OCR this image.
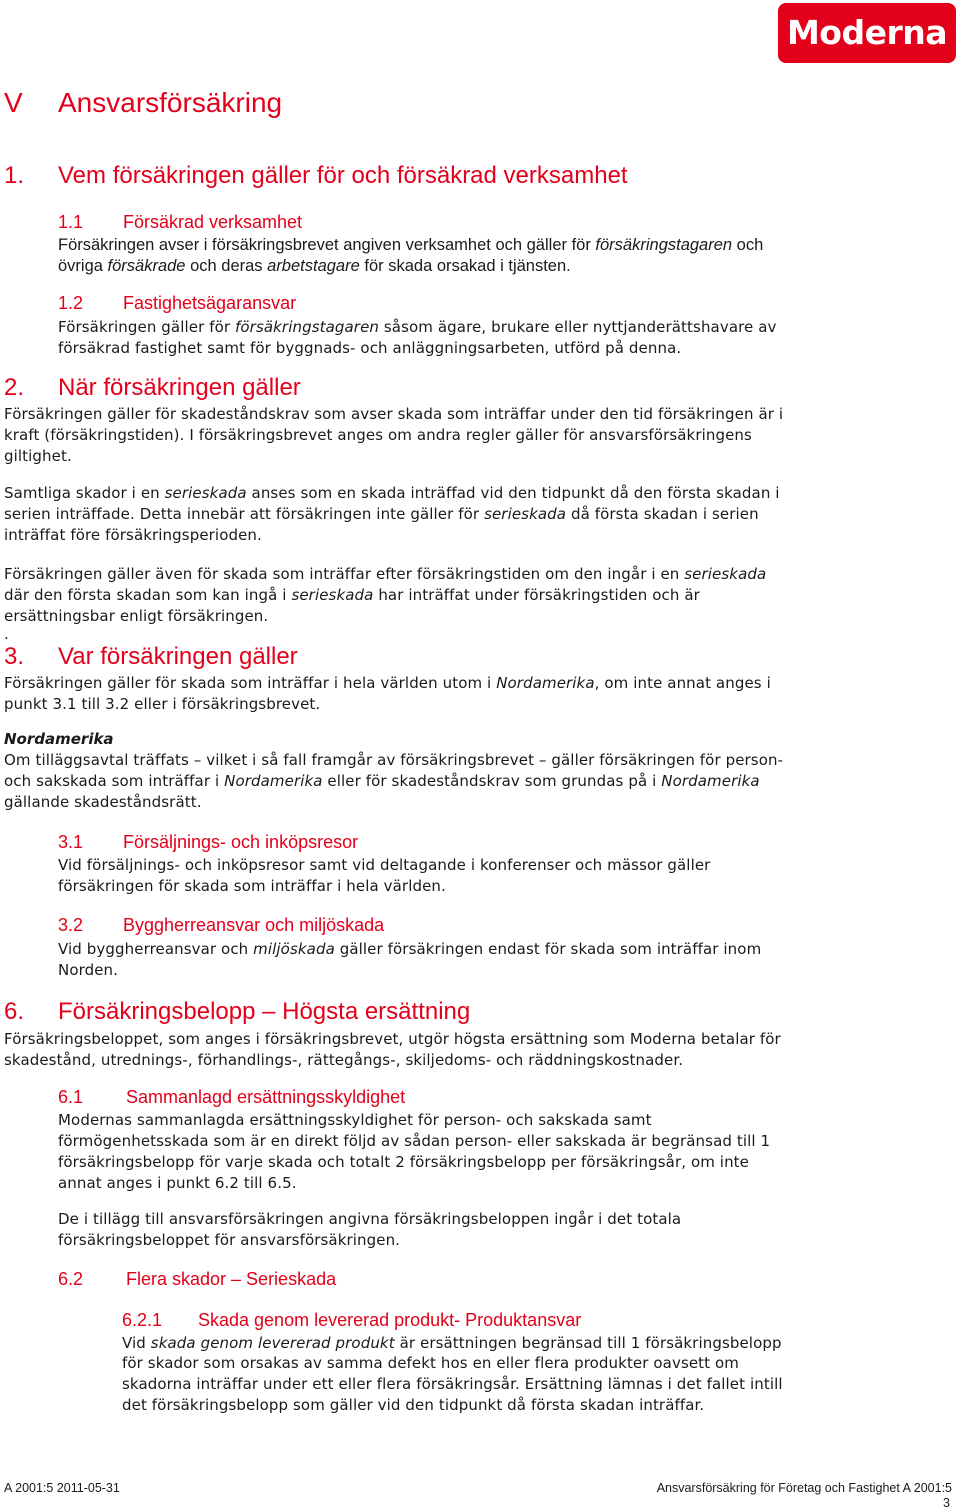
Moderna
V Ansvarsförsäkring
1. Vem försäkringen gäller för och försäkrad verksamhet
1.1 Försäkrad verksamhet
Försäkringen avser i försäkringsbrevet angiven verksamhet och gäller för försäkringstagaren och
övriga försäkrade och deras arbetstagare för skada orsakad i tjänsten.
1.2 Fastighetsägaransvar
Försäkringen gäller för försäkringstagaren såsom ägare, brukare eller nyttjanderättshavare av
försäkrad fastighet samt för byggnads- och anläggningsarbeten, utförd på denna.
2. När försäkringen gäller
Försäkringen gäller för skadeståndskrav som avser skada som inträffar under den tid försäkringen är i
kraft (försäkringstiden). I försäkringsbrevet anges om andra regler gäller för ansvarsförsäkringens
giltighet.
Samtliga skador i en serieskada anses som en skada inträffad vid den tidpunkt då den första skadan i
serien inträffade. Detta innebär att försäkringen inte gäller för serieskada då första skadan i serien
inträffat före försäkringsperioden.
Försäkringen gäller även för skada som inträffar efter försäkringstiden om den ingår i en serieskada
där den första skadan som kan ingå i serieskada har inträffat under försäkringstiden och är
ersättningsbar enligt försäkringen.
.
3. Var försäkringen gäller
Försäkringen gäller för skada som inträffar i hela världen utom i Nordamerika, om inte annat anges i
punkt 3.1 till 3.2 eller i försäkringsbrevet.
Nordamerika
Om tilläggsavtal träffats – vilket i så fall framgår av försäkringsbrevet – gäller försäkringen för person-
och sakskada som inträffar i Nordamerika eller för skadeståndskrav som grundas på i Nordamerika
gällande skadeståndsrätt.
3.1 Försäljnings- och inköpsresor
Vid försäljnings- och inköpsresor samt vid deltagande i konferenser och mässor gäller
försäkringen för skada som inträffar i hela världen.
3.2 Byggherreansvar och miljöskada
Vid byggherreansvar och miljöskada gäller försäkringen endast för skada som inträffar inom
Norden.
6. Försäkringsbelopp – Högsta ersättning
Försäkringsbeloppet, som anges i försäkringsbrevet, utgör högsta ersättning som Moderna betalar för
skadestånd, utrednings-, förhandlings-, rättegångs-, skiljedoms- och räddningskostnader.
6.1 Sammanlagd ersättningsskyldighet
Modernas sammanlagda ersättningsskyldighet för person- och sakskada samt
förmögenhetsskada som är en direkt följd av sådan person- eller sakskada är begränsad till 1
försäkringsbelopp för varje skada och totalt 2 försäkringsbelopp per försäkringsår, om inte
annat anges i punkt 6.2 till 6.5.
De i tillägg till ansvarsförsäkringen angivna försäkringsbeloppen ingår i det totala
försäkringsbeloppet för ansvarsförsäkringen.
6.2 Flera skador – Serieskada
6.2.1 Skada genom levererad produkt- Produktansvar
Vid skada genom levererad produkt är ersättningen begränsad till 1 försäkringsbelopp
för skador som orsakas av samma defekt hos en eller flera produkter oavsett om
skadorna inträffar under ett eller flera försäkringsår. Ersättning lämnas i det fallet intill
det försäkringsbelopp som gäller vid den tidpunkt då första skadan inträffar.
A 2001:5 2011-05-31	Ansvarsförsäkring för Företag och Fastighet A 2001:5
3
